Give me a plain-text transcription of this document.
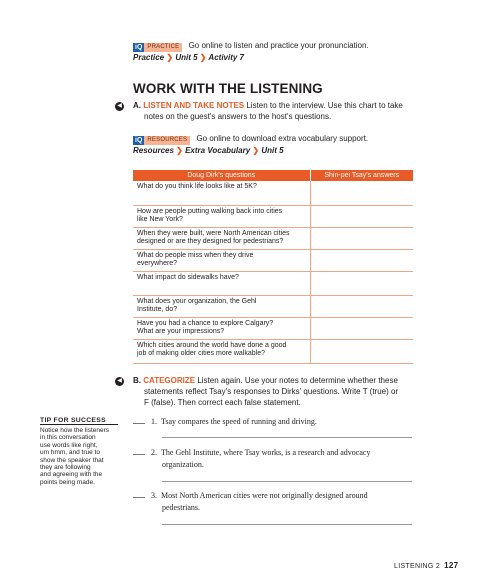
iQ PRACTICE	Go online to listen and practice your pronunciation.
Practice ❯ Unit 5 ❯ Activity 7
WORK WITH THE LISTENING
◀ A. LISTEN AND TAKE NOTES Listen to the interview. Use this chart to take
notes on the guest's answers to the host's questions.
iQ RESOURCES	Go online to download extra vocabulary support.
Resources ❯ Extra Vocabulary ❯ Unit 5
Doug Dirk's questions	Shin-pei Tsay's answers
What do you think life looks like at 5K?	
How are people putting walking back into cities
like New York?	
When they were built, were North American cities
designed or are they designed for pedestrians?	
What do people miss when they drive
everywhere?	
What impact do sidewalks have?	
What does your organization, the Gehl
Institute, do?	
Have you had a chance to explore Calgary?
What are your impressions?	
Which cities around the world have done a good
job of making older cities more walkable?	
◀ B. CATEGORIZE Listen again. Use your notes to determine whether these
statements reflect Tsay's responses to Dirks' questions. Write T (true) or
F (false). Then correct each false statement.
TIP FOR SUCCESS
Notice how the listeners
in this conversation
use words like right,
um hmm, and true to
show the speaker that
they are following
and agreeing with the
points being made.
1. Tsay compares the speed of running and driving.
2. The Gehl Institute, where Tsay works, is a research and advocacy
organization.
3. Most North American cities were not originally designed around
pedestrians.
LISTENING 2 127
